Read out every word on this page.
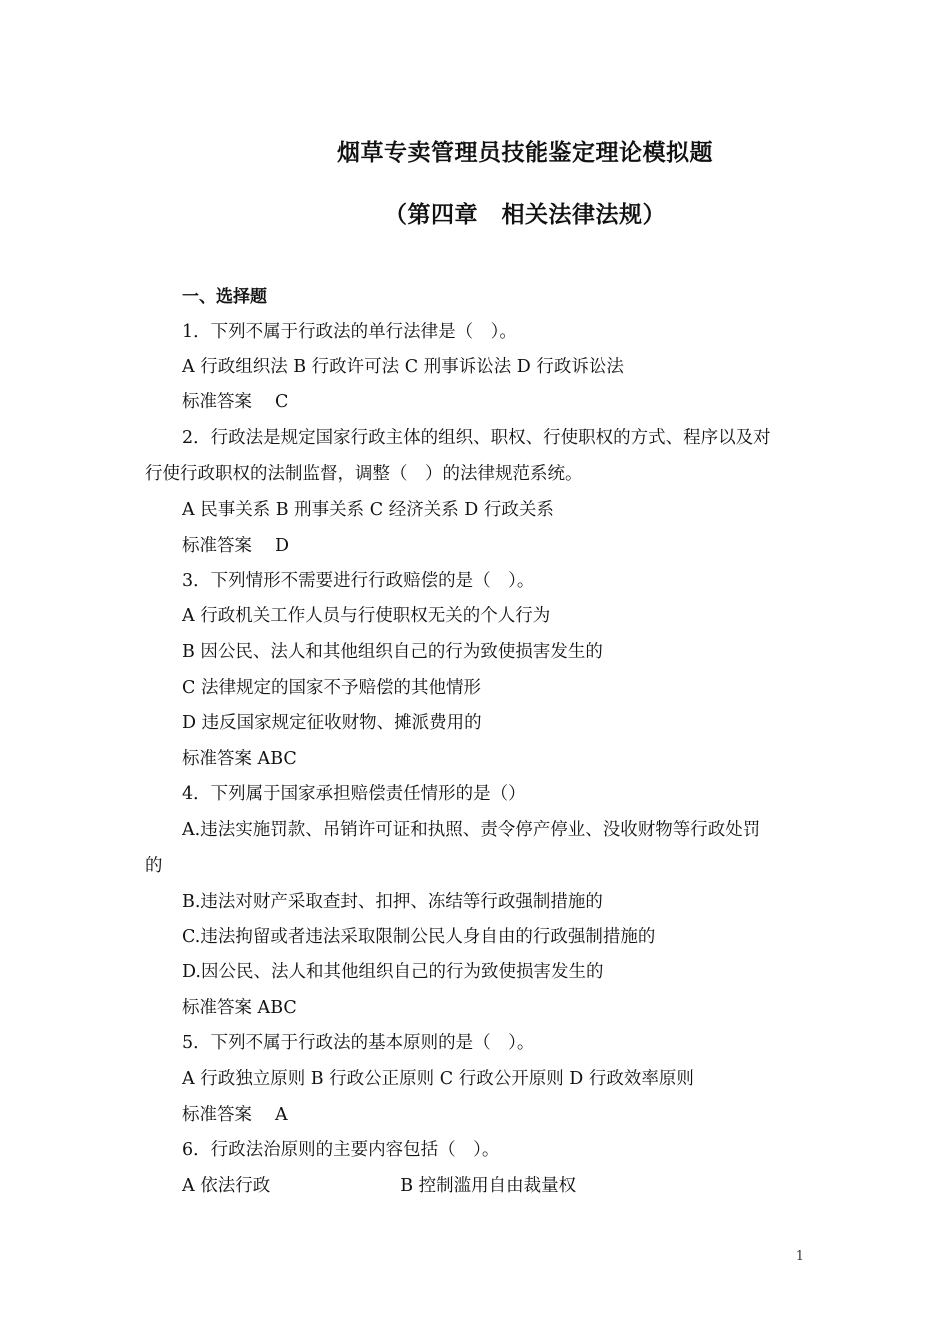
烟草专卖管理员技能鉴定理论模拟题
（第四章　相关法律法规）
一、选择题
1．下列不属于行政法的单行法律是（　）。
A 行政组织法 B 行政许可法 C 刑事诉讼法 D 行政诉讼法
标准答案　 C
2．行政法是规定国家行政主体的组织、职权、行使职权的方式、程序以及对
行使行政职权的法制监督，调整（　）的法律规范系统。
A 民事关系 B 刑事关系 C 经济关系 D 行政关系
标准答案　 D
3．下列情形不需要进行行政赔偿的是（　）。
A 行政机关工作人员与行使职权无关的个人行为
B 因公民、法人和其他组织自己的行为致使损害发生的
C 法律规定的国家不予赔偿的其他情形
D 违反国家规定征收财物、摊派费用的
标准答案 ABC
4．下列属于国家承担赔偿责任情形的是（）
A.违法实施罚款、吊销许可证和执照、责令停产停业、没收财物等行政处罚
的
B.违法对财产采取查封、扣押、冻结等行政强制措施的
C.违法拘留或者违法采取限制公民人身自由的行政强制措施的
D.因公民、法人和其他组织自己的行为致使损害发生的
标准答案 ABC
5．下列不属于行政法的基本原则的是（　）。
A 行政独立原则 B 行政公正原则 C 行政公开原则 D 行政效率原则
标准答案　 A
6．行政法治原则的主要内容包括（　）。
A 依法行政	B 控制滥用自由裁量权
1
